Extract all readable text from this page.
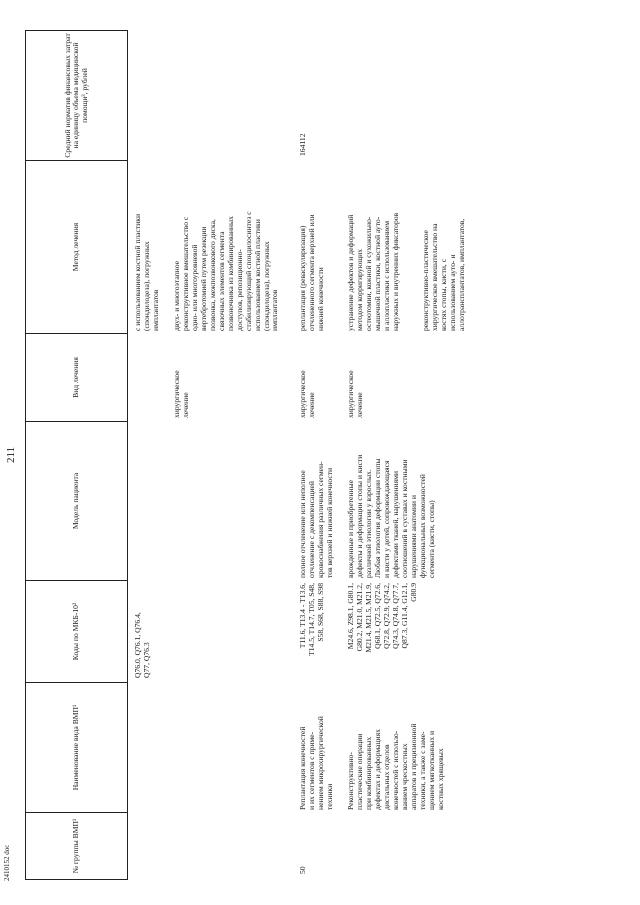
2410152 doc
211
№ группы ВМП¹
Наименование вида ВМП¹
Коды по МКБ-10²
Модель пациента
Вид лечения
Метод лечения
Средний норматив финансовых затрат на единицу объема медицинской помощи³, рублей
Q76.0, Q76.1, Q76.4,
Q77, Q76.3
с использованием костной пластики
(спондилодеза), погружных
имплантатов
хирургическое
лечение
двух- и многоэтапное
реконструктивное вмешательство с
одно- или многоуровневой
вертебротомией путем резекции
позвонка, межпозвонкового диска,
связочных элементов сегмента
позвоночника из комбинированных
доступов, репозиционно-
стабилизирующий спондилосинтез с
использованием костной пластики
(спондилодеза), погружных
имплантатов
50
164112
Реплантация конечностей
и их сегментов с приме-
нением микрохирургической
техники
T11.6, T13.4 - T13.6,
T14.5, T14.7, T05, S48,
S58, S68, S88, S98
полное отчленение или неполное
отчленение с декомпенсацией
кровоснабжения различных сегмен-
тов верхней и нижней конечности
хирургическое
лечение
реплантация (реваскуляризация)
отчлененного сегмента верхней или
нижней конечности
Реконструктивно-
пластические операции
при комбинированных
дефектах и деформациях
дистальных отделов
конечностей с использо-
ванием чрескостных
аппаратов и прецизионной
техники, а также с заме-
щением мягкотканных и
костных хрящевых
M24.6, Z98.1, G80.1,
G80.2, M21.0, M21.2,
M21.4, M21.5, M21.9,
Q68.1, Q72.5, Q72.6,
Q72.8, Q72.9, Q74.2,
Q74.3, Q74.8, Q77.7,
Q87.3, G11.4, G12.1,
G80.9
врожденные и приобретенные
дефекты и деформации стопы и кисти
различной этиологии у взрослых.
Любая этиология деформации стопы
и кисти у детей, сопровождающаяся
дефектами тканей, нарушениями
соотношений в суставах и костными
нарушениями анатомии и
функциональных возможностей
сегмента (кисти, стопы)
хирургическое
лечение
устранение дефектов и деформаций
методом корригирующих
остеотомии, кожной и сухожильно-
мышечной пластики, костной ауто-
и аллопластики с использованием
наружных и внутренних фиксаторов	реконструктивно-пластическое
хирургическое вмешательство на
костях стопы, кисти, с
использованием ауто- и
аллотрансплантатов, имплантатов,
